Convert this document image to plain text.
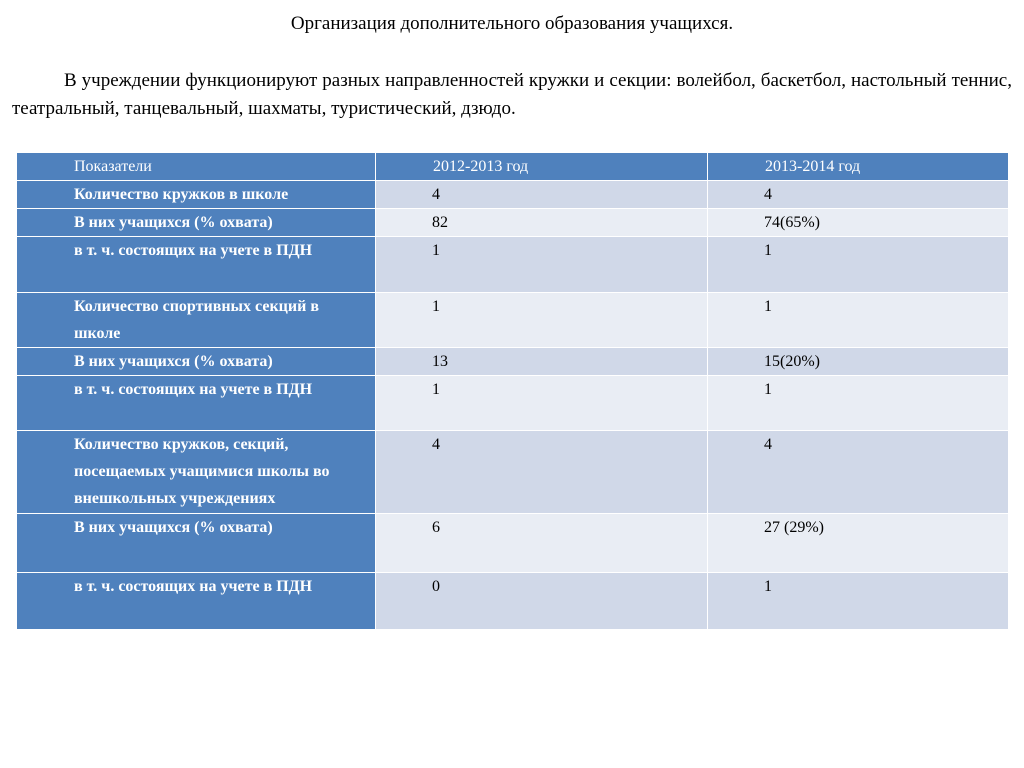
Организация дополнительного образования учащихся.
В учреждении функционируют разных направленностей кружки и секции: волейбол, баскетбол, настольный теннис, театральный, танцевальный, шахматы, туристический, дзюдо.
Показатели	2012-2013 год	2013-2014 год
Количество кружков в школе	4	4
В них учащихся (% охвата)	82	74(65%)
в т. ч. состоящих на учете в ПДН	1	1
Количество спортивных секций в школе	1	1
В них учащихся (% охвата)	13	15(20%)
в т. ч. состоящих на учете в ПДН	1	1
Количество кружков, секций, посещаемых учащимися школы во внешкольных учреждениях	4	4
В них учащихся (% охвата)	6	27 (29%)
в т. ч. состоящих на учете в ПДН	0	1
